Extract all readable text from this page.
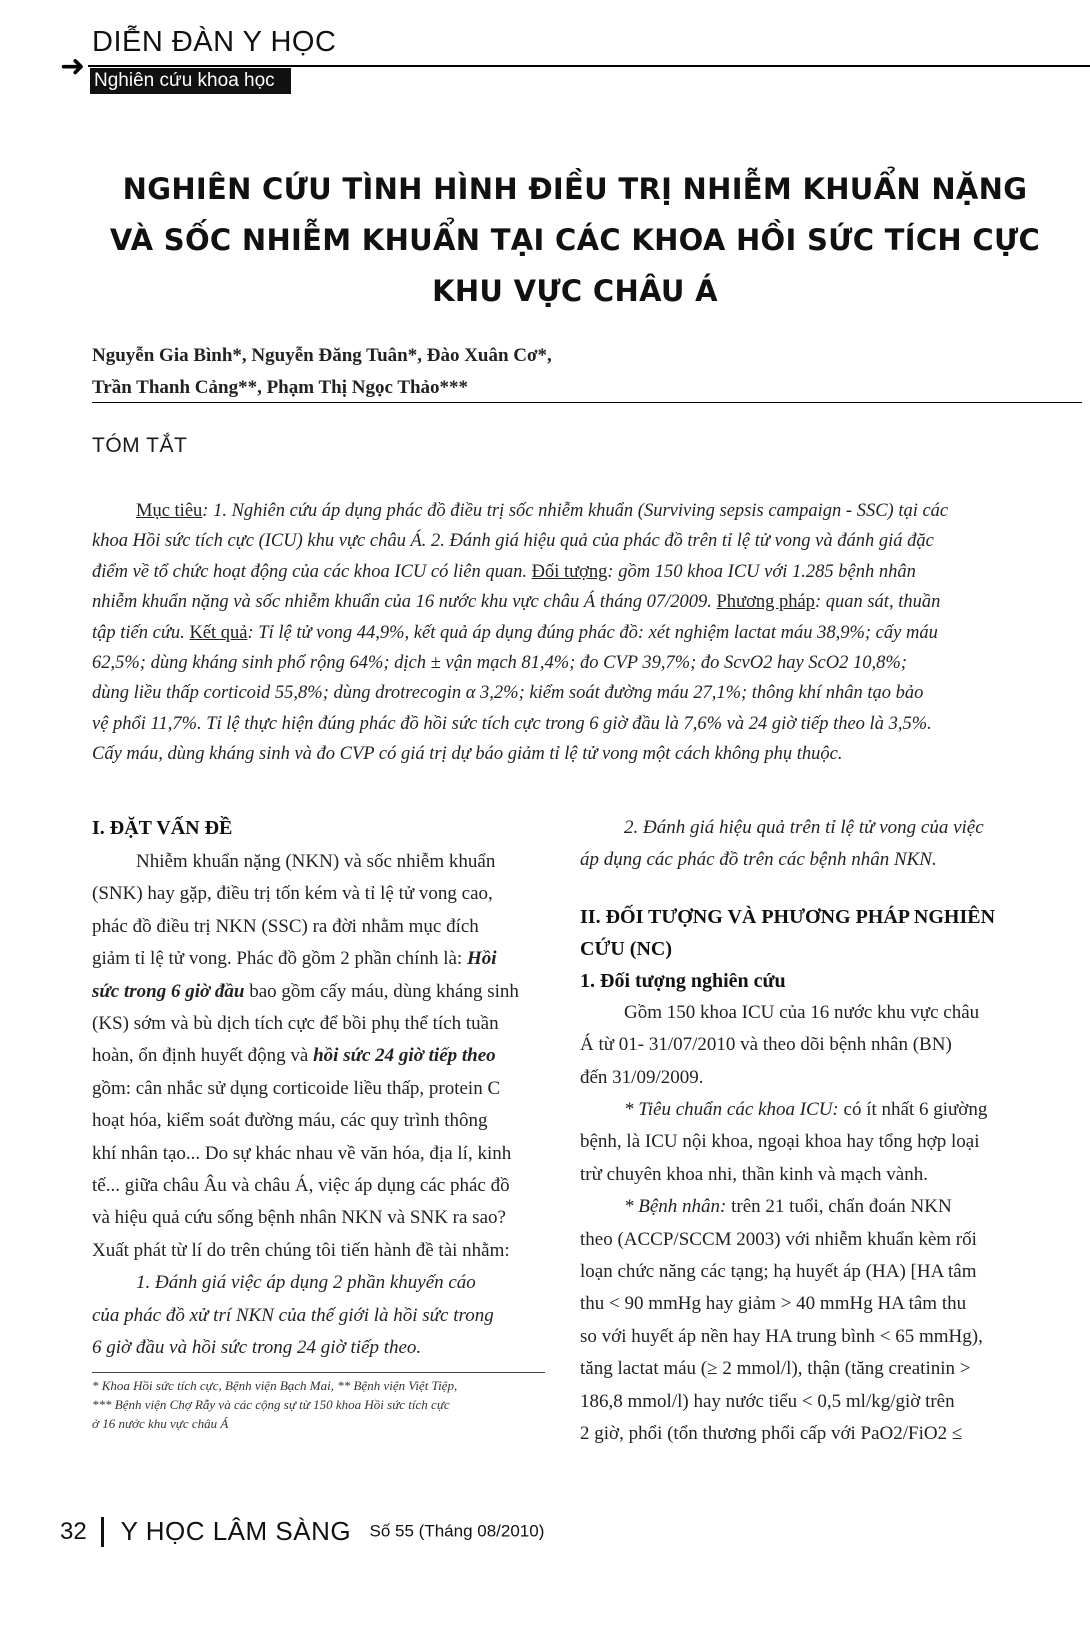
DIỄN ĐÀN Y HỌC
➜ Nghiên cứu khoa học
NGHIÊN CỨU TÌNH HÌNH ĐIỀU TRỊ NHIỄM KHUẨN NẶNG
VÀ SỐC NHIỄM KHUẨN TẠI CÁC KHOA HỒI SỨC TÍCH CỰC
KHU VỰC CHÂU Á
Nguyễn Gia Bình*, Nguyễn Đăng Tuân*, Đào Xuân Cơ*,
Trần Thanh Cảng**, Phạm Thị Ngọc Thảo***
TÓM TẮT
Mục tiêu: 1. Nghiên cứu áp dụng phác đồ điều trị sốc nhiễm khuẩn (Surviving sepsis campaign - SSC) tại các
khoa Hồi sức tích cực (ICU) khu vực châu Á. 2. Đánh giá hiệu quả của phác đồ trên tỉ lệ tử vong và đánh giá đặc
điểm về tổ chức hoạt động của các khoa ICU có liên quan. Đối tượng: gồm 150 khoa ICU với 1.285 bệnh nhân
nhiễm khuẩn nặng và sốc nhiễm khuẩn của 16 nước khu vực châu Á tháng 07/2009. Phương pháp: quan sát, thuần
tập tiến cứu. Kết quả: Tỉ lệ tử vong 44,9%, kết quả áp dụng đúng phác đồ: xét nghiệm lactat máu 38,9%; cấy máu
62,5%; dùng kháng sinh phổ rộng 64%; dịch ± vận mạch 81,4%; đo CVP 39,7%; đo ScvO2 hay ScO2 10,8%;
dùng liều thấp corticoid 55,8%; dùng drotrecogin α 3,2%; kiểm soát đường máu 27,1%; thông khí nhân tạo bảo
vệ phổi 11,7%. Tỉ lệ thực hiện đúng phác đồ hồi sức tích cực trong 6 giờ đầu là 7,6% và 24 giờ tiếp theo là 3,5%.
Cấy máu, dùng kháng sinh và đo CVP có giá trị dự báo giảm tỉ lệ tử vong một cách không phụ thuộc.
I. ĐẶT VẤN ĐỀ
Nhiễm khuẩn nặng (NKN) và sốc nhiễm khuẩn
(SNK) hay gặp, điều trị tốn kém và tỉ lệ tử vong cao,
phác đồ điều trị NKN (SSC) ra đời nhằm mục đích
giảm tỉ lệ tử vong. Phác đồ gồm 2 phần chính là: Hồi
sức trong 6 giờ đầu bao gồm cấy máu, dùng kháng sinh
(KS) sớm và bù dịch tích cực để bồi phụ thể tích tuần
hoàn, ổn định huyết động và hồi sức 24 giờ tiếp theo
gồm: cân nhắc sử dụng corticoide liều thấp, protein C
hoạt hóa, kiểm soát đường máu, các quy trình thông
khí nhân tạo... Do sự khác nhau về văn hóa, địa lí, kinh
tế... giữa châu Âu và châu Á, việc áp dụng các phác đồ
và hiệu quả cứu sống bệnh nhân NKN và SNK ra sao?
Xuất phát từ lí do trên chúng tôi tiến hành đề tài nhằm:
1. Đánh giá việc áp dụng 2 phần khuyến cáo
của phác đồ xử trí NKN của thế giới là hồi sức trong
6 giờ đầu và hồi sức trong 24 giờ tiếp theo.
* Khoa Hồi sức tích cực, Bệnh viện Bạch Mai, ** Bệnh viện Việt Tiệp,
*** Bệnh viện Chợ Rẫy và các cộng sự từ 150 khoa Hồi sức tích cực
ở 16 nước khu vực châu Á
2. Đánh giá hiệu quả trên tỉ lệ tử vong của việc
áp dụng các phác đồ trên các bệnh nhân NKN.
II. ĐỐI TƯỢNG VÀ PHƯƠNG PHÁP NGHIÊN
CỨU (NC)
1. Đối tượng nghiên cứu
Gồm 150 khoa ICU của 16 nước khu vực châu
Á từ 01- 31/07/2010 và theo dõi bệnh nhân (BN)
đến 31/09/2009.
* Tiêu chuẩn các khoa ICU: có ít nhất 6 giường
bệnh, là ICU nội khoa, ngoại khoa hay tổng hợp loại
trừ chuyên khoa nhi, thần kinh và mạch vành.
* Bệnh nhân: trên 21 tuổi, chẩn đoán NKN
theo (ACCP/SCCM 2003) với nhiễm khuẩn kèm rối
loạn chức năng các tạng; hạ huyết áp (HA) [HA tâm
thu < 90 mmHg hay giảm > 40 mmHg HA tâm thu
so với huyết áp nền hay HA trung bình < 65 mmHg),
tăng lactat máu (≥ 2 mmol/l), thận (tăng creatinin >
186,8 mmol/l) hay nước tiểu < 0,5 ml/kg/giờ trên
2 giờ, phổi (tổn thương phổi cấp với PaO2/FiO2 ≤
32 Y HỌC LÂM SÀNG Số 55 (Tháng 08/2010)
